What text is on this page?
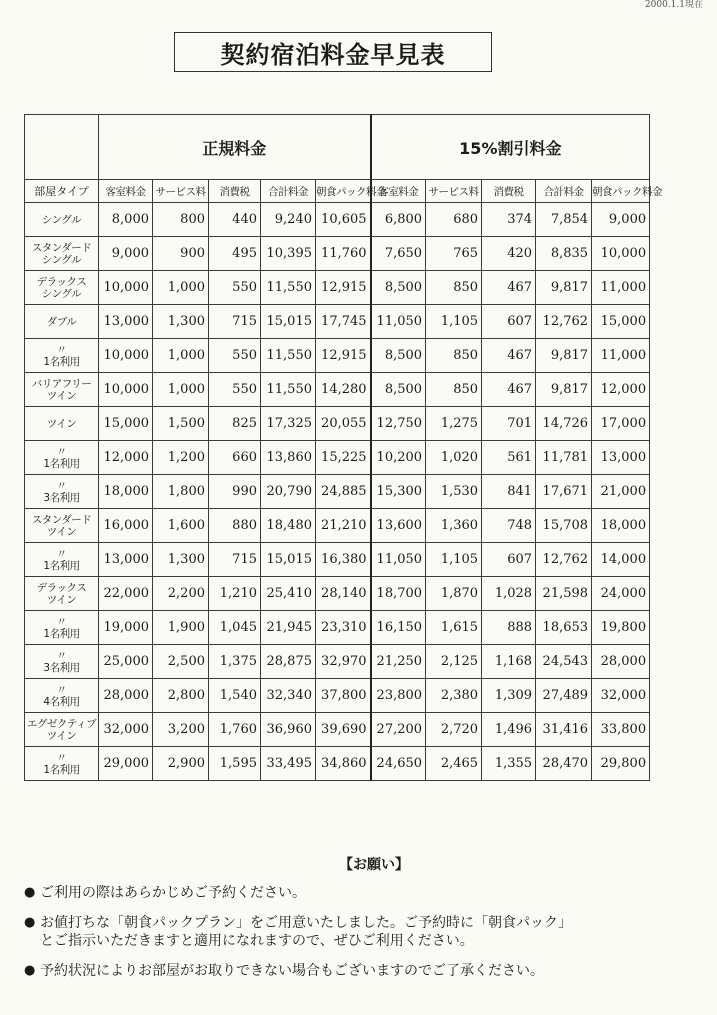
2000.1.1現在
契約宿泊料金早見表
	正規料金					15%割引料金				
部屋タイプ	客室料金	サービス料	消費税	合計料金	朝食パック料金	客室料金	サービス料	消費税	合計料金	朝食パック料金

シングル	8,000	800	440	9,240	10,605	6,800	680	374	7,854	9,000

スタンダード
シングル	9,000	900	495	10,395	11,760	7,650	765	420	8,835	10,000

デラックス
シングル	10,000	1,000	550	11,550	12,915	8,500	850	467	9,817	11,000

ダブル	13,000	1,300	715	15,015	17,745	11,050	1,105	607	12,762	15,000

〃
1名利用	10,000	1,000	550	11,550	12,915	8,500	850	467	9,817	11,000

バリアフリー
ツイン	10,000	1,000	550	11,550	14,280	8,500	850	467	9,817	12,000

ツイン	15,000	1,500	825	17,325	20,055	12,750	1,275	701	14,726	17,000

〃
1名利用	12,000	1,200	660	13,860	15,225	10,200	1,020	561	11,781	13,000

〃
3名利用	18,000	1,800	990	20,790	24,885	15,300	1,530	841	17,671	21,000

スタンダード
ツイン	16,000	1,600	880	18,480	21,210	13,600	1,360	748	15,708	18,000

〃
1名利用	13,000	1,300	715	15,015	16,380	11,050	1,105	607	12,762	14,000

デラックス
ツイン	22,000	2,200	1,210	25,410	28,140	18,700	1,870	1,028	21,598	24,000

〃
1名利用	19,000	1,900	1,045	21,945	23,310	16,150	1,615	888	18,653	19,800

〃
3名利用	25,000	2,500	1,375	28,875	32,970	21,250	2,125	1,168	24,543	28,000

〃
4名利用	28,000	2,800	1,540	32,340	37,800	23,800	2,380	1,309	27,489	32,000

エグゼクティブ
ツイン	32,000	3,200	1,760	36,960	39,690	27,200	2,720	1,496	31,416	33,800

〃
1名利用	29,000	2,900	1,595	33,495	34,860	24,650	2,465	1,355	28,470	29,800
【お願い】
● ご利用の際はあらかじめご予約ください。
● お値打ちな「朝食パックプラン」をご用意いたしました。ご予約時に「朝食パック」
とご指示いただきますと適用になれますので、ぜひご利用ください。
● 予約状況によりお部屋がお取りできない場合もございますのでご了承ください。
